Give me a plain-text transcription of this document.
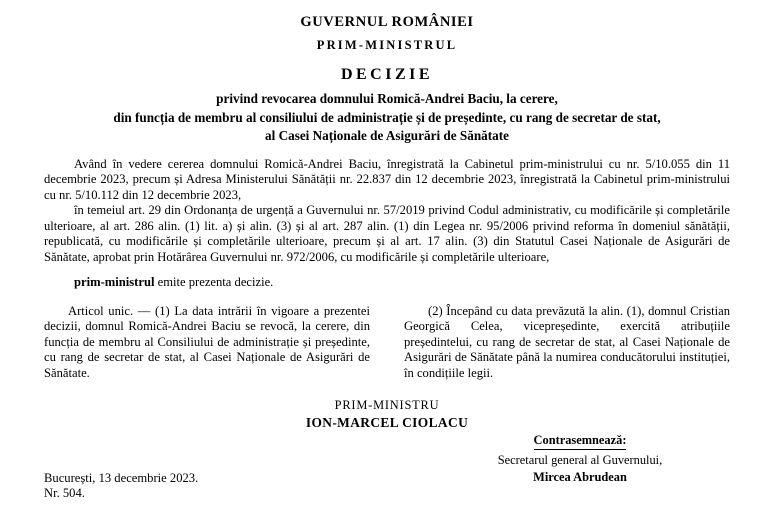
GUVERNUL ROMÂNIEI
PRIM-MINISTRUL
DECIZIE
privind revocarea domnului Romică-Andrei Baciu, la cerere,
din funcția de membru al consiliului de administrație și de președinte, cu rang de secretar de stat,
al Casei Naționale de Asigurări de Sănătate

Având în vedere cererea domnului Romică-Andrei Baciu, înregistrată la Cabinetul prim-ministrului cu nr. 5/10.055 din 11 decembrie 2023, precum și Adresa Ministerului Sănătății nr. 22.837 din 12 decembrie 2023, înregistrată la Cabinetul prim-ministrului cu nr. 5/10.112 din 12 decembrie 2023,

în temeiul art. 29 din Ordonanța de urgență a Guvernului nr. 57/2019 privind Codul administrativ, cu modificările și completările ulterioare, al art. 286 alin. (1) lit. a) și alin. (3) și al art. 287 alin. (1) din Legea nr. 95/2006 privind reforma în domeniul sănătății, republicată, cu modificările și completările ulterioare, precum și al art. 17 alin. (3) din Statutul Casei Naționale de Asigurări de Sănătate, aprobat prin Hotărârea Guvernului nr. 972/2006, cu modificările și completările ulterioare,

prim-ministrul emite prezenta decizie.

Articol unic. — (1) La data intrării în vigoare a prezentei decizii, domnul Romică-Andrei Baciu se revocă, la cerere, din funcția de membru al Consiliului de administrație și președinte, cu rang de secretar de stat, al Casei Naționale de Asigurări de Sănătate.

(2) Începând cu data prevăzută la alin. (1), domnul Cristian Georgică Celea, vicepreședinte, exercită atribuțiile președintelui, cu rang de secretar de stat, al Casei Naționale de Asigurări de Sănătate până la numirea conducătorului instituției, în condițiile legii.

PRIM-MINISTRU
ION-MARCEL CIOLACU
Contrasemnează:
Secretarul general al Guvernului,
Mircea Abrudean
București, 13 decembrie 2023.
Nr. 504.
